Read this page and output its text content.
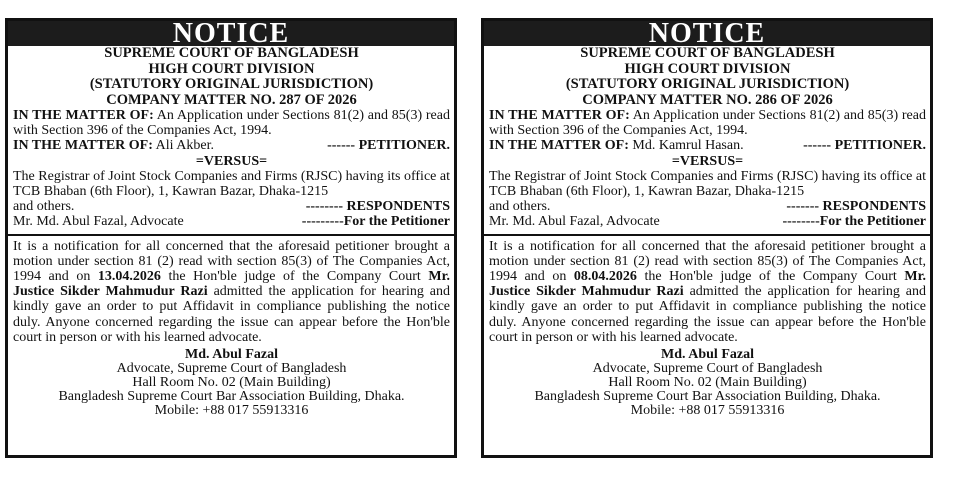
NOTICE
SUPREME COURT OF BANGLADESH
HIGH COURT DIVISION
(STATUTORY ORIGINAL JURISDICTION)
COMPANY MATTER NO. 287 OF 2026
IN THE MATTER OF: An Application under Sections 81(2) and 85(3) read with Section 396 of the Companies Act, 1994.
IN THE MATTER OF: Ali Akber.	------ PETITIONER.
=VERSUS=
The Registrar of Joint Stock Companies and Firms (RJSC) having its office at TCB Bhaban (6th Floor), 1, Kawran Bazar, Dhaka-1215
and others.	-------- RESPONDENTS
Mr. Md. Abul Fazal, Advocate	---------For the Petitioner
It is a notification for all concerned that the aforesaid petitioner brought a motion under section 81 (2) read with section 85(3) of The Companies Act, 1994 and on 13.04.2026 the Hon'ble judge of the Company Court Mr. Justice Sikder Mahmudur Razi admitted the application for hearing and kindly gave an order to put Affidavit in compliance publishing the notice duly. Anyone concerned regarding the issue can appear before the Hon'ble court in person or with his learned advocate.
Md. Abul Fazal
Advocate, Supreme Court of Bangladesh
Hall Room No. 02 (Main Building)
Bangladesh Supreme Court Bar Association Building, Dhaka.
Mobile: +88 017 55913316
NOTICE
SUPREME COURT OF BANGLADESH
HIGH COURT DIVISION
(STATUTORY ORIGINAL JURISDICTION)
COMPANY MATTER NO. 286 OF 2026
IN THE MATTER OF: An Application under Sections 81(2) and 85(3) read with Section 396 of the Companies Act, 1994.
IN THE MATTER OF: Md. Kamrul Hasan.	------ PETITIONER.
=VERSUS=
The Registrar of Joint Stock Companies and Firms (RJSC) having its office at TCB Bhaban (6th Floor), 1, Kawran Bazar, Dhaka-1215
and others.	------- RESPONDENTS
Mr. Md. Abul Fazal, Advocate	--------For the Petitioner
It is a notification for all concerned that the aforesaid petitioner brought a motion under section 81 (2) read with section 85(3) of The Companies Act, 1994 and on 08.04.2026 the Hon'ble judge of the Company Court Mr. Justice Sikder Mahmudur Razi admitted the application for hearing and kindly gave an order to put Affidavit in compliance publishing the notice duly. Anyone concerned regarding the issue can appear before the Hon'ble court in person or with his learned advocate.
Md. Abul Fazal
Advocate, Supreme Court of Bangladesh
Hall Room No. 02 (Main Building)
Bangladesh Supreme Court Bar Association Building, Dhaka.
Mobile: +88 017 55913316
